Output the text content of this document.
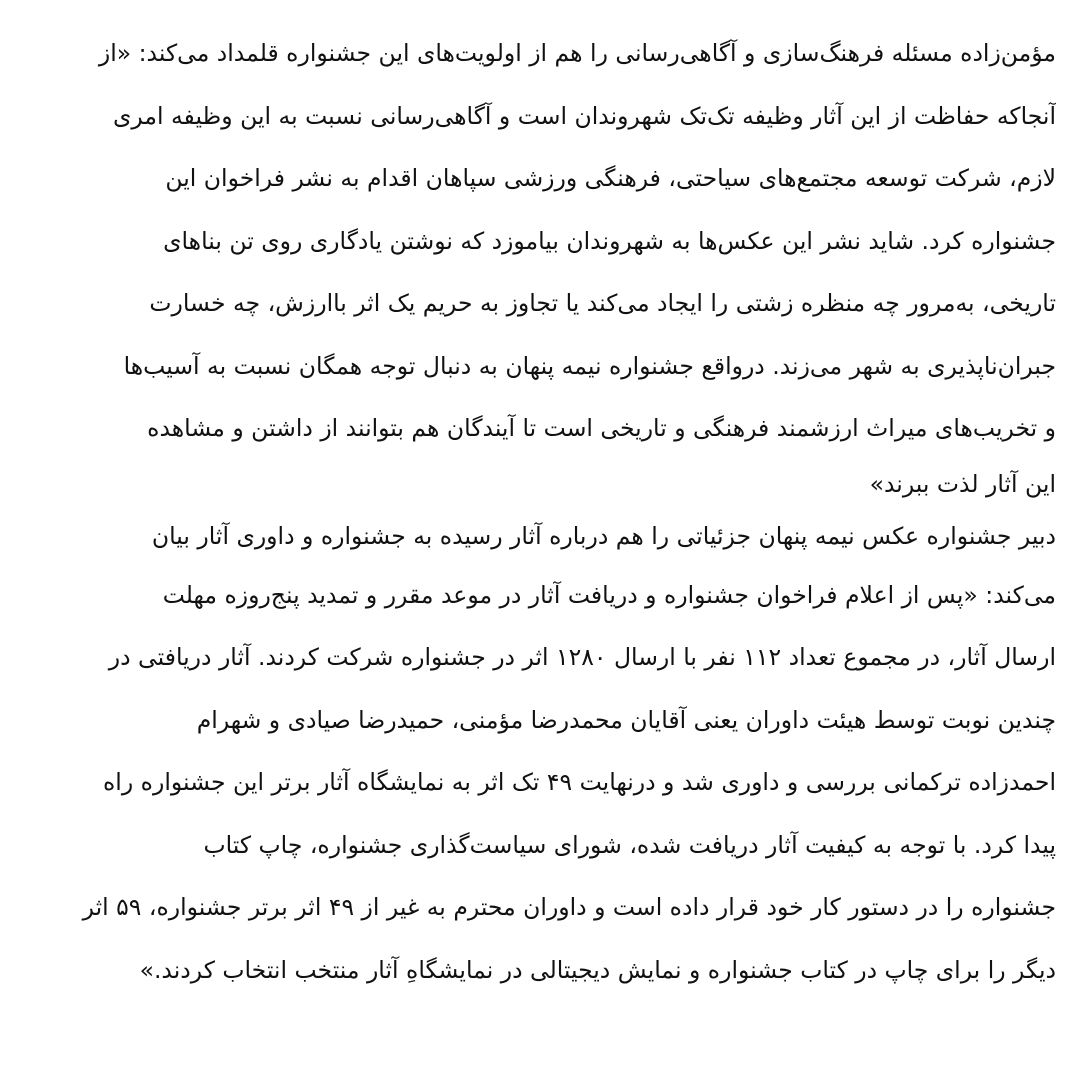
مؤمن‌زاده مسئله فرهنگ‌سازی و آگاهی‌رسانی را هم از اولویت‌های این جشنواره قلمداد می‌کند: «از
آنجاکه حفاظت از این آثار وظیفه تک‌تک شهروندان است و آگاهی‌رسانی نسبت به این وظیفه امری
لازم، شرکت توسعه مجتمع‌های سیاحتی، فرهنگی ورزشی سپاهان اقدام به نشر فراخوان این
جشنواره کرد. شاید نشر این عکس‌ها به شهروندان بیاموزد که نوشتن یادگاری روی تن بناهای
تاریخی، به‌مرور چه منظره زشتی را ایجاد می‌کند یا تجاوز به حریم یک اثر باارزش، چه خسارت
جبران‌ناپذیری به شهر می‌زند. درواقع جشنواره نیمه پنهان به دنبال توجه همگان نسبت به آسیب‌ها
و تخریب‌های میراث ارزشمند فرهنگی و تاریخی است تا آیندگان هم بتوانند از داشتن و مشاهده
این آثار لذت ببرند»
دبیر جشنواره عکس نیمه پنهان جزئیاتی را هم درباره آثار رسیده به جشنواره و داوری آثار بیان
می‌کند: «پس از اعلام فراخوان جشنواره و دریافت آثار در موعد مقرر و تمدید پنج‌روزه مهلت
ارسال آثار، در مجموع تعداد ۱۱۲ نفر با ارسال ۱۲۸۰ اثر در جشنواره شرکت کردند. آثار دریافتی در
چندین نوبت توسط هیئت داوران یعنی آقایان محمدرضا مؤمنی، حمیدرضا صیادی و شهرام
احمدزاده ترکمانی بررسی و داوری شد و درنهایت ۴۹ تک اثر به نمایشگاه آثار برتر این جشنواره راه
پیدا کرد. با توجه به کیفیت آثار دریافت شده، شورای سیاست‌گذاری جشنواره، چاپ کتاب
جشنواره را در دستور کار خود قرار داده است و داوران محترم به غیر از ۴۹ اثر برتر جشنواره، ۵۹ اثر
دیگر را برای چاپ در کتاب جشنواره و نمایش دیجیتالی در نمایشگاهِ آثار منتخب انتخاب کردند.»
